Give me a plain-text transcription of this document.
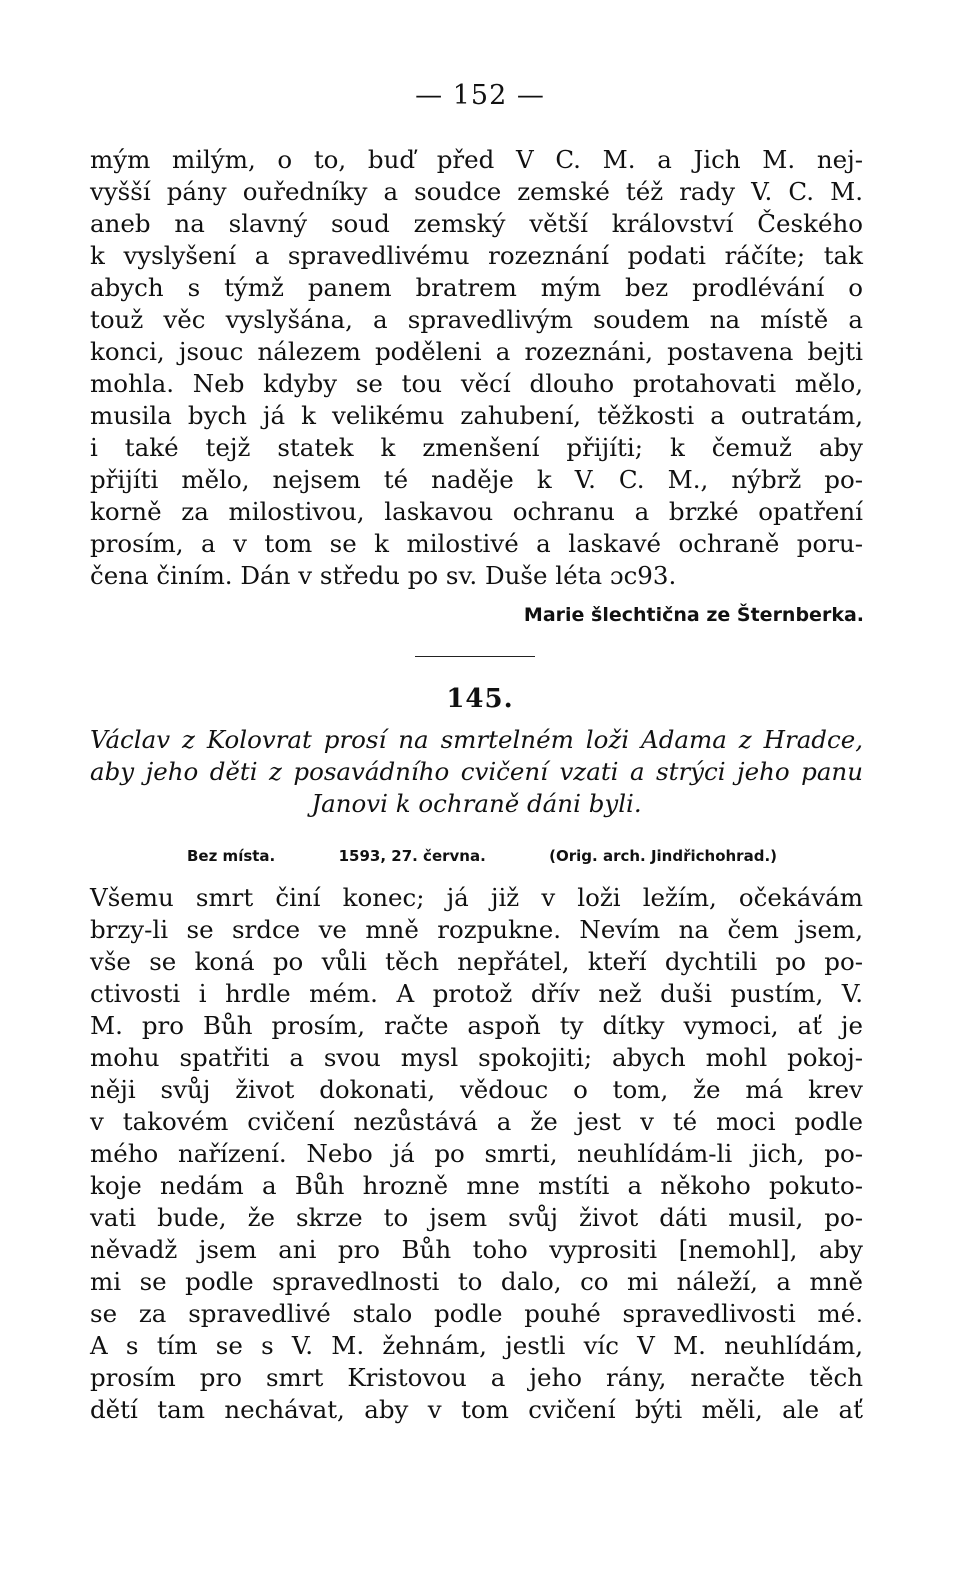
— 152 —
mým milým, o to, buď před V C. M. a Jich M. nej-
vyšší pány ouředníky a soudce zemské též rady V. C. M.
aneb na slavný soud zemský větší království Českého
k vyslyšení a spravedlivému rozeznání podati ráčíte; tak
abych s týmž panem bratrem mým bez prodlévání o
touž věc vyslyšána, a spravedlivým soudem na místě a
konci, jsouc nálezem poděleni a rozeznáni, postavena bejti
mohla. Neb kdyby se tou věcí dlouho protahovati mělo,
musila bych já k velikému zahubení, těžkosti a outratám,
i také tejž statek k zmenšení přijíti; k čemuž aby
přijíti mělo, nejsem té naděje k V. C. M., nýbrž po-
korně za milostivou, laskavou ochranu a brzké opatření
prosím, a v tom se k milostivé a laskavé ochraně poru-
čena činím. Dán v středu po sv. Duše léta ɔc93.
Marie šlechtična ze Šternberka.
145.
Václav z Kolovrat prosí na smrtelném loži Adama z Hradce,
aby jeho děti z posavádního cvičení vzati a strýci jeho panu
Janovi k ochraně dáni byli.
Bez místa.	1593, 27. června.	(Orig. arch. Jindřichohrad.)
Všemu smrt činí konec; já již v loži ležím, očekávám
brzy-li se srdce ve mně rozpukne. Nevím na čem jsem,
vše se koná po vůli těch nepřátel, kteří dychtili po po-
ctivosti i hrdle mém. A protož dřív než duši pustím, V.
M. pro Bůh prosím, račte aspoň ty dítky vymoci, ať je
mohu spatřiti a svou mysl spokojiti; abych mohl pokoj-
něji svůj život dokonati, vědouc o tom, že má krev
v takovém cvičení nezůstává a že jest v té moci podle
mého nařízení. Nebo já po smrti, neuhlídám-li jich, po-
koje nedám a Bůh hrozně mne mstíti a někoho pokuto-
vati bude, že skrze to jsem svůj život dáti musil, po-
něvadž jsem ani pro Bůh toho vyprositi [nemohl], aby
mi se podle spravedlnosti to dalo, co mi náleží, a mně
se za spravedlivé stalo podle pouhé spravedlivosti mé.
A s tím se s V. M. žehnám, jestli víc V M. neuhlídám,
prosím pro smrt Kristovou a jeho rány, neračte těch
dětí tam nechávat, aby v tom cvičení býti měli, ale ať
